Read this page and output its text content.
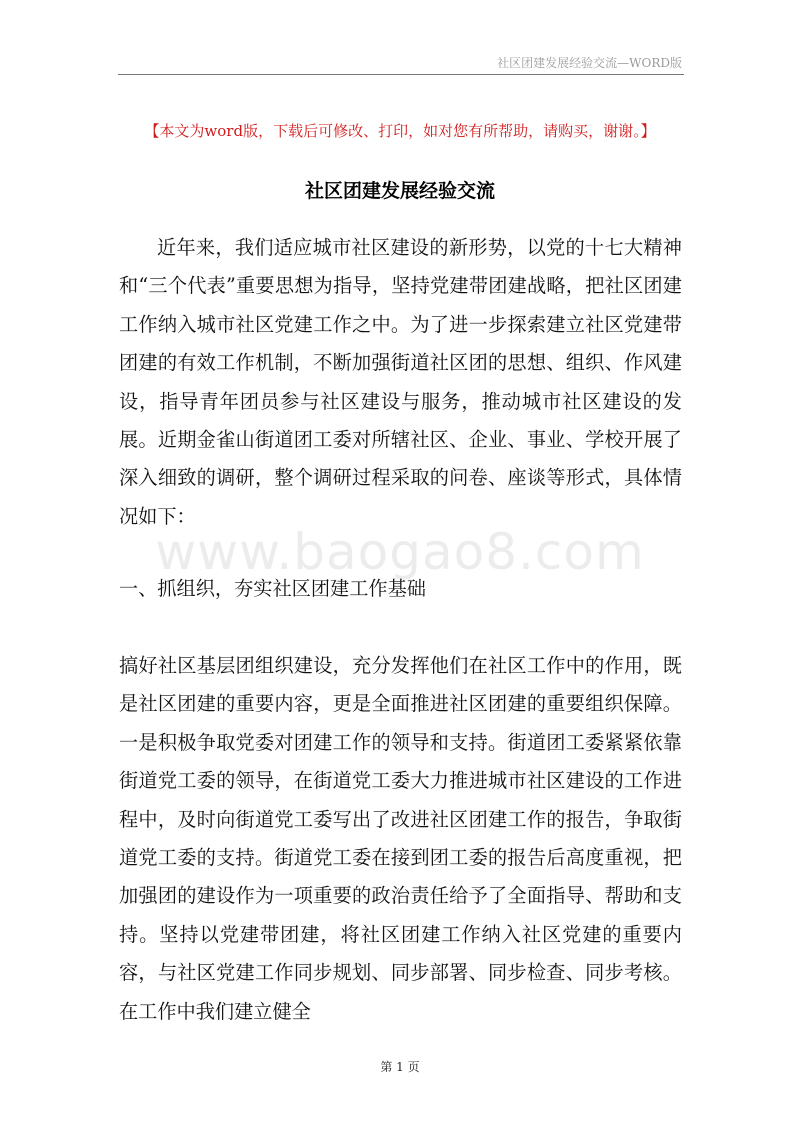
社区团建发展经验交流—WORD版
【本文为word版，下载后可修改、打印，如对您有所帮助，请购买，谢谢。】
社区团建发展经验交流

近年来，我们适应城市社区建设的新形势，以党的十七大精神和“三个代表”重要思想为指导，坚持党建带团建战略，把社区团建工作纳入城市社区党建工作之中。为了进一步探索建立社区党建带团建的有效工作机制，不断加强街道社区团的思想、组织、作风建设，指导青年团员参与社区建设与服务，推动城市社区建设的发展。近期金雀山街道团工委对所辖社区、企业、事业、学校开展了深入细致的调研，整个调研过程采取的问卷、座谈等形式，具体情况如下：

www.baogao8.com
一、抓组织，夯实社区团建工作基础

搞好社区基层团组织建设，充分发挥他们在社区工作中的作用，既是社区团建的重要内容，更是全面推进社区团建的重要组织保障。一是积极争取党委对团建工作的领导和支持。街道团工委紧紧依靠街道党工委的领导，在街道党工委大力推进城市社区建设的工作进程中，及时向街道党工委写出了改进社区团建工作的报告，争取街道党工委的支持。街道党工委在接到团工委的报告后高度重视，把加强团的建设作为一项重要的政治责任给予了全面指导、帮助和支持。坚持以党建带团建，将社区团建工作纳入社区党建的重要内容，与社区党建工作同步规划、同步部署、同步检查、同步考核。在工作中我们建立健全

第 1 页
